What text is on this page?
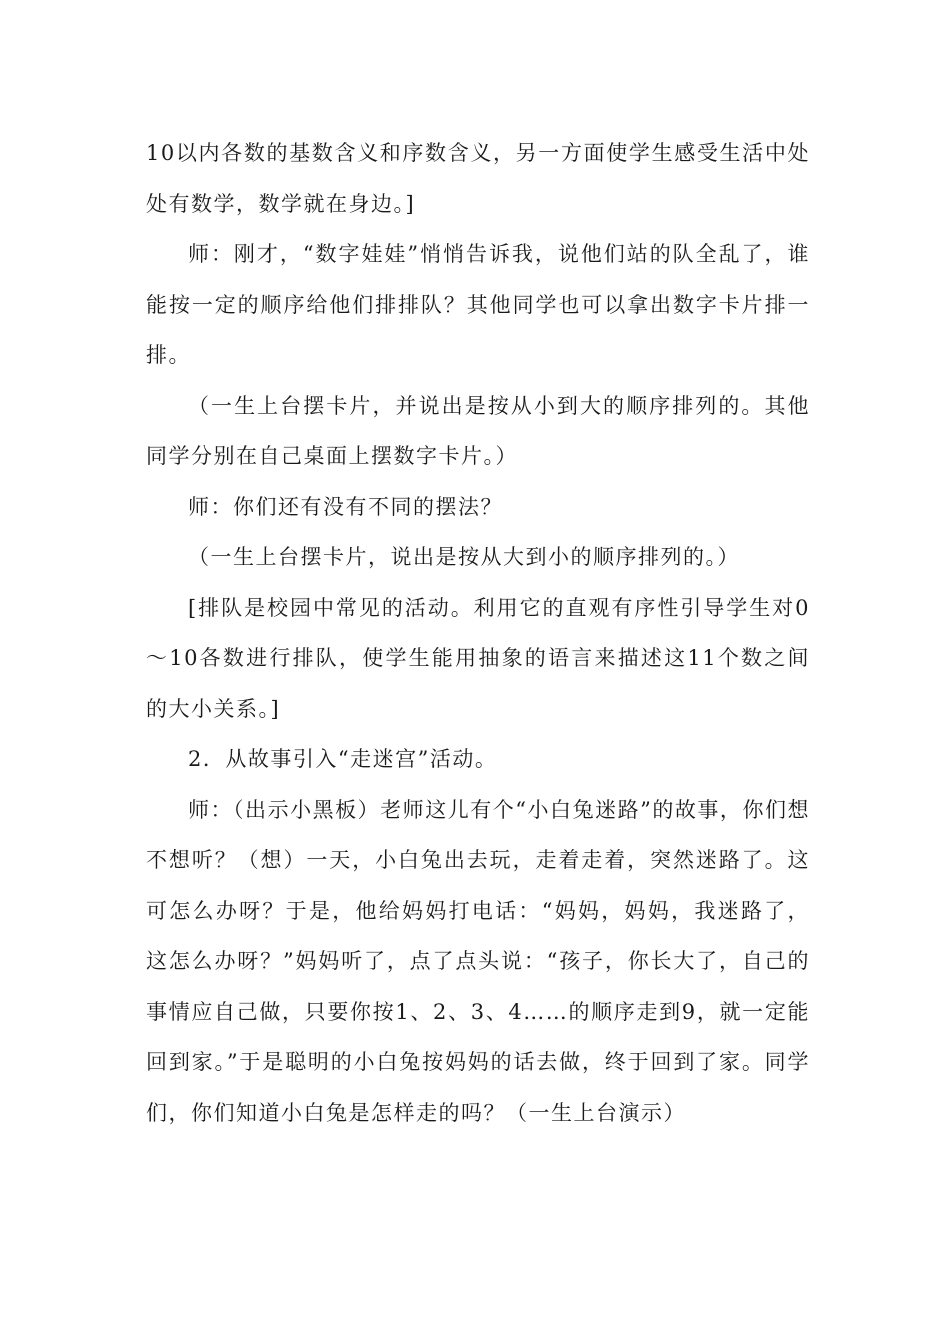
10以内各数的基数含义和序数含义，另一方面使学生感受生活中处处有数学，数学就在身边。]

师：刚才，“数字娃娃”悄悄告诉我，说他们站的队全乱了，谁能按一定的顺序给他们排排队？其他同学也可以拿出数字卡片排一排。

（一生上台摆卡片，并说出是按从小到大的顺序排列的。其他同学分别在自己桌面上摆数字卡片。）

师：你们还有没有不同的摆法？

（一生上台摆卡片，说出是按从大到小的顺序排列的。）

[排队是校园中常见的活动。利用它的直观有序性引导学生对0～10各数进行排队，使学生能用抽象的语言来描述这11个数之间的大小关系。]

2．从故事引入“走迷宫”活动。

师：（出示小黑板）老师这儿有个“小白兔迷路”的故事，你们想不想听？（想）一天，小白兔出去玩，走着走着，突然迷路了。这可怎么办呀？于是，他给妈妈打电话：“妈妈，妈妈，我迷路了，这怎么办呀？”妈妈听了，点了点头说：“孩子，你长大了，自己的事情应自己做，只要你按1、2、3、4……的顺序走到9，就一定能回到家。”于是聪明的小白兔按妈妈的话去做，终于回到了家。同学们，你们知道小白兔是怎样走的吗？（一生上台演示）
